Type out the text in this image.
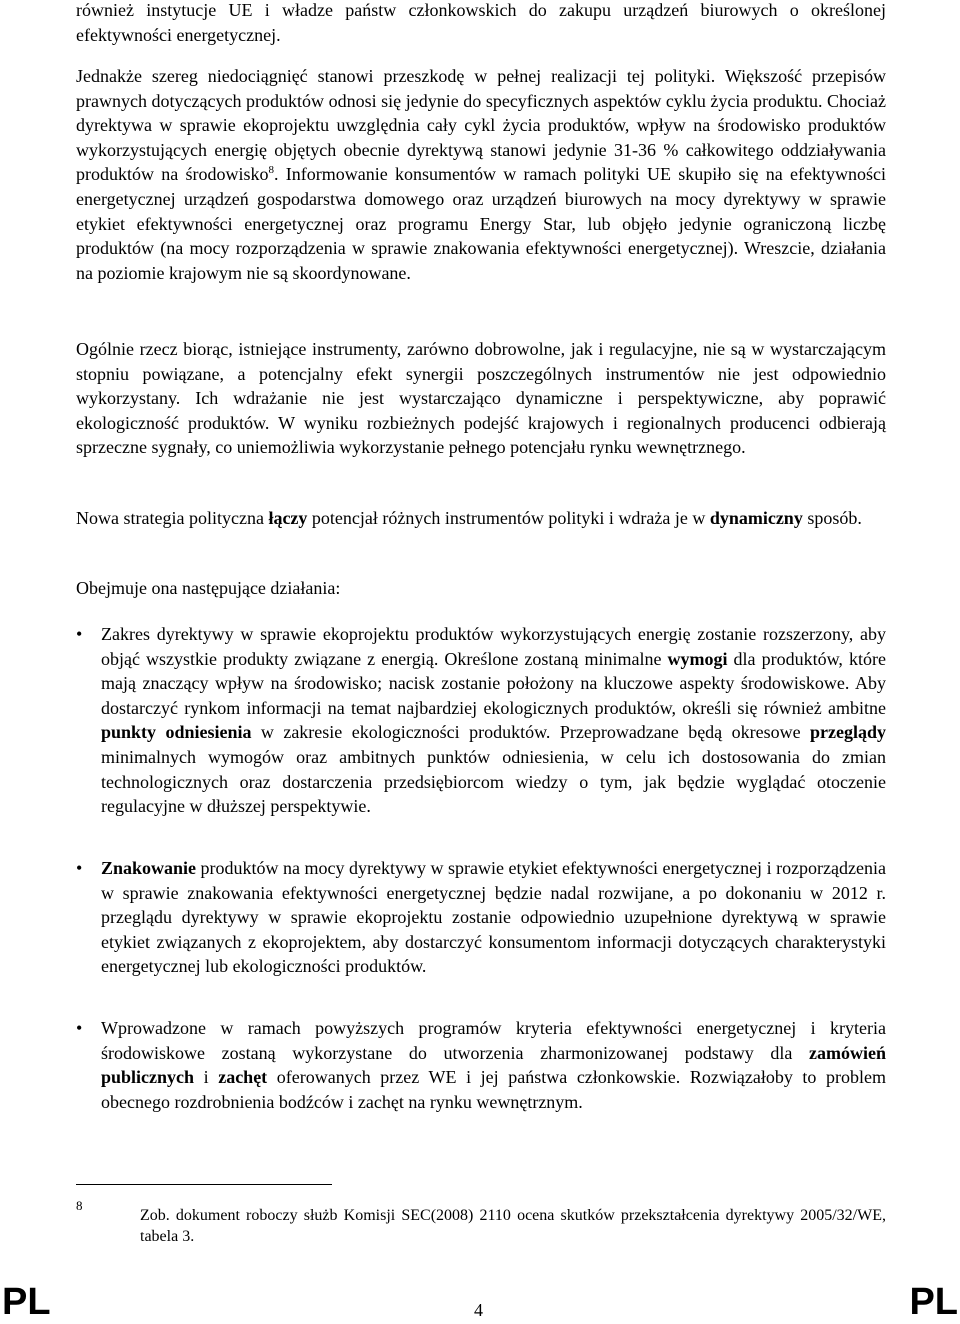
również instytucje UE i władze państw członkowskich do zakupu urządzeń biurowych o określonej efektywności energetycznej.

Jednakże szereg niedociągnięć stanowi przeszkodę w pełnej realizacji tej polityki. Większość przepisów prawnych dotyczących produktów odnosi się jedynie do specyficznych aspektów cyklu życia produktu. Chociaż dyrektywa w sprawie ekoprojektu uwzględnia cały cykl życia produktów, wpływ na środowisko produktów wykorzystujących energię objętych obecnie dyrektywą stanowi jedynie 31-36 % całkowitego oddziaływania produktów na środowisko$^8$. Informowanie konsumentów w ramach polityki UE skupiło się na efektywności energetycznej urządzeń gospodarstwa domowego oraz urządzeń biurowych na mocy dyrektywy w sprawie etykiet efektywności energetycznej oraz programu Energy Star, lub objęło jedynie ograniczoną liczbę produktów (na mocy rozporządzenia w sprawie znakowania efektywności energetycznej). Wreszcie, działania na poziomie krajowym nie są skoordynowane.

Ogólnie rzecz biorąc, istniejące instrumenty, zarówno dobrowolne, jak i regulacyjne, nie są w wystarczającym stopniu powiązane, a potencjalny efekt synergii poszczególnych instrumentów nie jest odpowiednio wykorzystany. Ich wdrażanie nie jest wystarczająco dynamiczne i perspektywiczne, aby poprawić ekologiczność produktów. W wyniku rozbieżnych podejść krajowych i regionalnych producenci odbierają sprzeczne sygnały, co uniemożliwia wykorzystanie pełnego potencjału rynku wewnętrznego.

Nowa strategia polityczna łączy potencjał różnych instrumentów polityki i wdraża je w dynamiczny sposób.

Obejmuje ona następujące działania:

• Zakres dyrektywy w sprawie ekoprojektu produktów wykorzystujących energię zostanie rozszerzony, aby objąć wszystkie produkty związane z energią. Określone zostaną minimalne wymogi dla produktów, które mają znaczący wpływ na środowisko; nacisk zostanie położony na kluczowe aspekty środowiskowe. Aby dostarczyć rynkom informacji na temat najbardziej ekologicznych produktów, określi się również ambitne punkty odniesienia w zakresie ekologiczności produktów. Przeprowadzane będą okresowe przeglądy minimalnych wymogów oraz ambitnych punktów odniesienia, w celu ich dostosowania do zmian technologicznych oraz dostarczenia przedsiębiorcom wiedzy o tym, jak będzie wyglądać otoczenie regulacyjne w dłuższej perspektywie.
• Znakowanie produktów na mocy dyrektywy w sprawie etykiet efektywności energetycznej i rozporządzenia w sprawie znakowania efektywności energetycznej będzie nadal rozwijane, a po dokonaniu w 2012 r. przeglądu dyrektywy w sprawie ekoprojektu zostanie odpowiednio uzupełnione dyrektywą w sprawie etykiet związanych z ekoprojektem, aby dostarczyć konsumentom informacji dotyczących charakterystyki energetycznej lub ekologiczności produktów.
• Wprowadzone w ramach powyższych programów kryteria efektywności energetycznej i kryteria środowiskowe zostaną wykorzystane do utworzenia zharmonizowanej podstawy dla zamówień publicznych i zachęt oferowanych przez WE i jej państwa członkowskie. Rozwiązałoby to problem obecnego rozdrobnienia bodźców i zachęt na rynku wewnętrznym.
8
Zob. dokument roboczy służb Komisji SEC(2008) 2110 ocena skutków przekształcenia dyrektywy 2005/32/WE, tabela 3.
PL	4	PL
